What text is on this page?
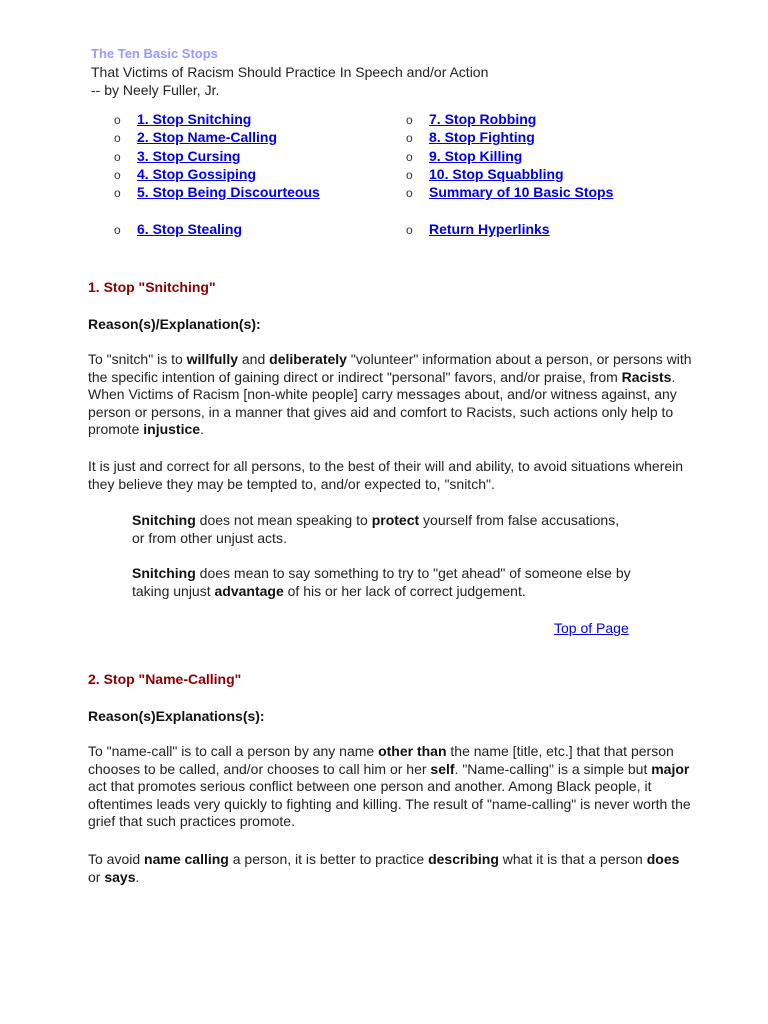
The Ten Basic Stops
That Victims of Racism Should Practice In Speech and/or Action
-- by Neely Fuller, Jr.
o 1. Stop Snitching
o 2. Stop Name-Calling
o 3. Stop Cursing
o 4. Stop Gossiping
o 5. Stop Being Discourteous
o 6. Stop Stealing
o 7. Stop Robbing
o 8. Stop Fighting
o 9. Stop Killing
o 10. Stop Squabbling
o Summary of 10 Basic Stops
o Return Hyperlinks
1. Stop "Snitching"
Reason(s)/Explanation(s):
To "snitch" is to willfully and deliberately "volunteer" information about a person, or persons with the specific intention of gaining direct or indirect "personal" favors, and/or praise, from Racists. When Victims of Racism [non-white people] carry messages about, and/or witness against, any person or persons, in a manner that gives aid and comfort to Racists, such actions only help to promote injustice.
It is just and correct for all persons, to the best of their will and ability, to avoid situations wherein they believe they may be tempted to, and/or expected to, "snitch".
Snitching does not mean speaking to protect yourself from false accusations, or from other unjust acts.
Snitching does mean to say something to try to "get ahead" of someone else by taking unjust advantage of his or her lack of correct judgement.
Top of Page
2. Stop "Name-Calling"
Reason(s)Explanations(s):
To "name-call" is to call a person by any name other than the name [title, etc.] that that person chooses to be called, and/or chooses to call him or her self. "Name-calling" is a simple but major act that promotes serious conflict between one person and another. Among Black people, it oftentimes leads very quickly to fighting and killing. The result of "name-calling" is never worth the grief that such practices promote.
To avoid name calling a person, it is better to practice describing what it is that a person does or says.
